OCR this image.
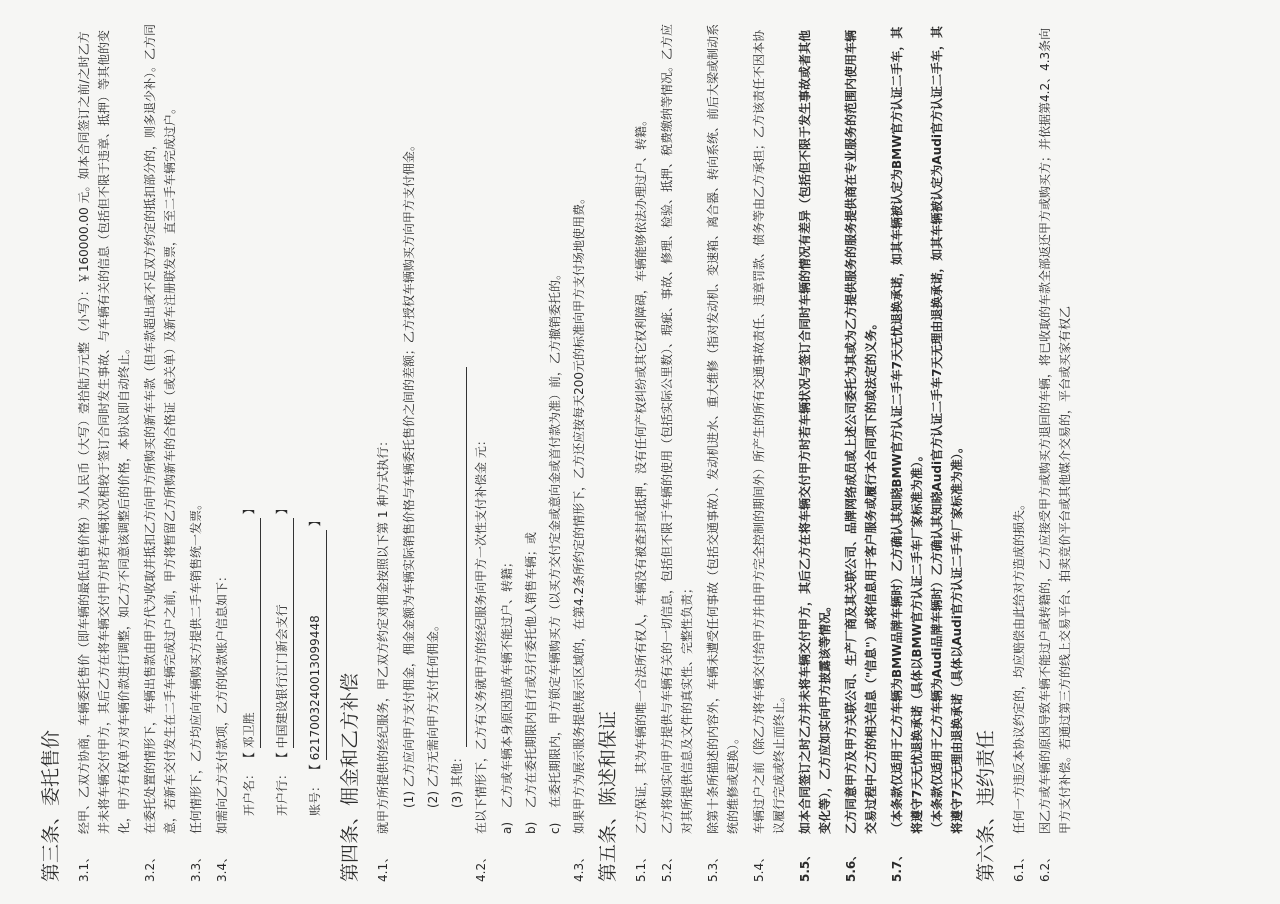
第三条、委托售价 3.1、
经甲、乙双方协商，车辆委托售价（即车辆的最低出售价格）为人民币（大写）壹拾陆万元整 （小写）：￥160000.00 元。如本合同签订之前/之时乙方并未将车辆交付甲方，其后乙方在将车辆交付甲方时若车辆状况相较于签订合同时发生事故、与车辆有关的信息（包括但不限于违章、抵押）等其他的变化，甲方有权单方对车辆价款进行调整，如乙方不同意该调整后的价格，本协议即自动终止。
3.2、
在委托处置的情形下，车辆出售款由甲方代为收取并抵扣乙方向甲方所购买的新车车款（但车款超出或不足双方约定的抵扣部分的，则多退少补）。乙方同意，若新车交付发生在二手车辆完成过户之前，甲方将暂留乙方所购新车的合格证（或关单）及新车注册联发票，直至二手车辆完成过户。
3.3、
任何情形下，乙方均应向车辆购买方提供二手车销售统一发票。
3.4、
如需向乙方支付款项，乙方的收款账户信息如下：	开户名： 【 邓卫胜 】
开户行： 【 中国建设银行江门新会支行 】
账号： 【 6217003240013099448 】
第四条、佣金和乙方补偿 4.1、
就甲方所提供的经纪服务，甲乙双方约定对佣金按照以下第 1 种方式执行： (1) 乙方应向甲方支付佣金，佣金金额为车辆实际销售价格与车辆委托售价之间的差额；乙方授权车辆购买方向甲方支付佣金。 (2) 乙方无需向甲方支付任何佣金。 (3) 其他：
4.2、
在以下情形下，乙方有义务就甲方的经纪服务向甲方一次性支付补偿金 元： a)
乙方或车辆本身原因造成车辆不能过户、转籍；
b)
乙方在委托期限内自行或另行委托他人销售车辆；或
c)
在委托期限内，甲方锁定车辆购买方（以买方交付定金或意向金或首付款为准）前，乙方撤销委托的。
4.3、
如果甲方为展示服务提供展示区域的，在第4.2条所约定的情形下，乙方还应按每天200元的标准向甲方支付场地使用费。 第五条、陈述和保证 5.1、
乙方保证，其为车辆的唯一合法所有权人，车辆没有被查封或抵押，没有任何产权纠纷或其它权利障碍，车辆能够依法办理过户、转籍。
5.2、
乙方将如实向甲方提供与车辆有关的一切信息，包括但不限于车辆的使用（包括实际公里数）、瑕疵、事故、修理、检验、抵押、税费缴纳等情况。乙方应对其所提供信息及文件的真实性、完整性负责；
5.3、
除第十条所描述的内容外，车辆未遭受任何事故（包括交通事故）、发动机进水、重大维修（指对发动机、变速箱、离合器、转向系统、前后大梁或制动系统的维修或更换）。
5.4、
车辆过户之前（除乙方将车辆交付给甲方并由甲方完全控制的期间外）所产生的所有交通事故责任、违章罚款、债务等由乙方承担；乙方该责任不因本协议履行完成或终止而终止。
5.5、
如本合同签订之时乙方并未将车辆交付甲方，其后乙方在将车辆交付甲方时若车辆状况与签订合同时车辆的情况有差异（包括但不限于发生事故或者其他变化等），乙方应如实向甲方披露该等情况。
5.6、
乙方同意甲方及甲方关联公司、生产厂商及其关联公司、品牌网络成员或上述公司委托为其或为乙方提供服务的服务提供商在专业服务的范围内使用车辆交易过程中乙方的相关信息（"信息"）或将信息用于客户服务或履行本合同项下的或法定的义务。
5.7、
（本条款仅适用于乙方车辆为BMW品牌车辆时）乙方确认其知晓BMW官方认证二手车7天无忧退换承诺，如其车辆被认定为BMW官方认证二手车，其将遵守7天无忧退换承诺（具体以BMW官方认证二手车厂家标准为准）。 （本条款仅适用于乙方车辆为Audi品牌车辆时）乙方确认其知晓Audi官方认证二手车7天无理由退换承诺，如其车辆被认定为Audi官方认证二手车，其将遵守7天无理由退换承诺（具体以Audi官方认证二手车厂家标准为准）。 第六条、违约责任 6.1、
任何一方违反本协议约定的，均应赔偿由此给对方造成的损失。
6.2、
因乙方或车辆的原因导致车辆不能过户或转籍的，乙方应接受甲方或购买方退回的车辆，将已收取的车款全部返还甲方或购买方；并依据第4.2、4.3条向甲方支付补偿。若通过第三方的线上交易平台、拍卖竞价平台或其他媒介交易的，平台或买家有权乙
